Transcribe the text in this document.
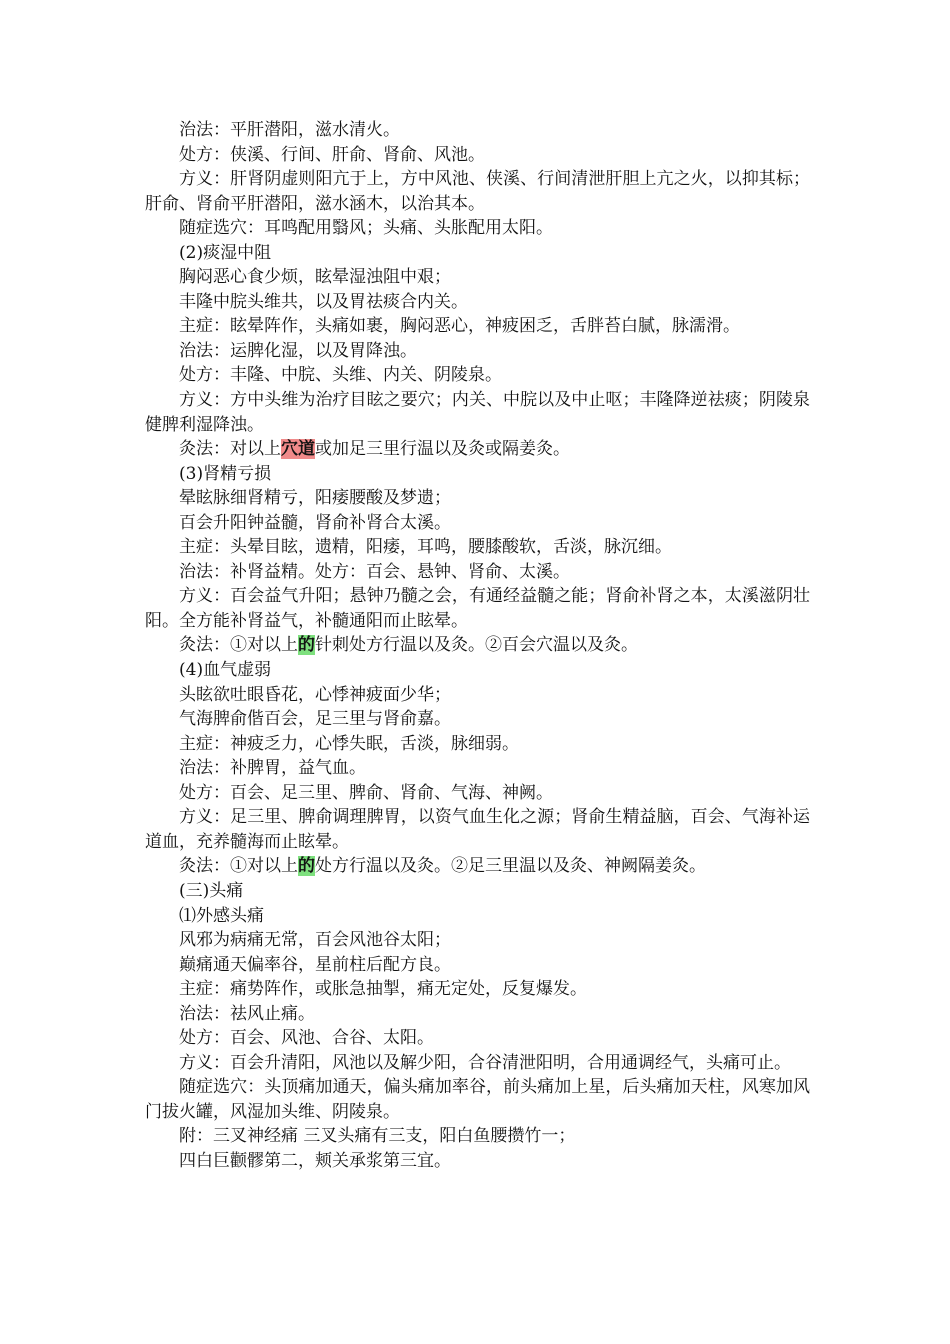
治法：平肝潜阳，滋水清火。

处方：侠溪、行间、肝俞、肾俞、风池。

方义：肝肾阴虚则阳亢于上，方中风池、侠溪、行间清泄肝胆上亢之火，以抑其标；肝俞、肾俞平肝潜阳，滋水涵木，以治其本。

随症选穴：耳鸣配用翳风；头痛、头胀配用太阳。

(2)痰湿中阻

胸闷恶心食少烦，眩晕湿浊阻中艰；

丰隆中脘头维共，以及胃祛痰合内关。

主症：眩晕阵作，头痛如裹，胸闷恶心，神疲困乏，舌胖苔白腻，脉濡滑。

治法：运脾化湿，以及胃降浊。

处方：丰隆、中脘、头维、内关、阴陵泉。

方义：方中头维为治疗目眩之要穴；内关、中脘以及中止呕；丰隆降逆祛痰；阴陵泉健脾利湿降浊。

灸法：对以上穴道或加足三里行温以及灸或隔姜灸。

(3)肾精亏损

晕眩脉细肾精亏，阳痿腰酸及梦遗；

百会升阳钟益髓，肾俞补肾合太溪。

主症：头晕目眩，遗精，阳痿，耳鸣，腰膝酸软，舌淡，脉沉细。

治法：补肾益精。处方：百会、悬钟、肾俞、太溪。

方义：百会益气升阳；悬钟乃髓之会，有通经益髓之能；肾俞补肾之本，太溪滋阴壮阳。全方能补肾益气，补髓通阳而止眩晕。

灸法：①对以上的针刺处方行温以及灸。②百会穴温以及灸。

(4)血气虚弱

头眩欲吐眼昏花，心悸神疲面少华；

气海脾俞偕百会，足三里与肾俞嘉。

主症：神疲乏力，心悸失眠，舌淡，脉细弱。

治法：补脾胃，益气血。

处方：百会、足三里、脾俞、肾俞、气海、神阙。

方义：足三里、脾俞调理脾胃，以资气血生化之源；肾俞生精益脑，百会、气海补运道血，充养髓海而止眩晕。

灸法：①对以上的处方行温以及灸。②足三里温以及灸、神阙隔姜灸。

(三)头痛

⑴外感头痛

风邪为病痛无常，百会风池谷太阳；

巅痛通天偏率谷，星前柱后配方良。

主症：痛势阵作，或胀急抽掣，痛无定处，反复爆发。

治法：祛风止痛。

处方：百会、风池、合谷、太阳。

方义：百会升清阳，风池以及解少阳，合谷清泄阳明，合用通调经气，头痛可止。

随症选穴：头顶痛加通天，偏头痛加率谷，前头痛加上星，后头痛加天柱，风寒加风门拔火罐，风湿加头维、阴陵泉。

附：三叉神经痛 三叉头痛有三支，阳白鱼腰攒竹一；

四白巨颧髎第二，颊关承浆第三宜。
